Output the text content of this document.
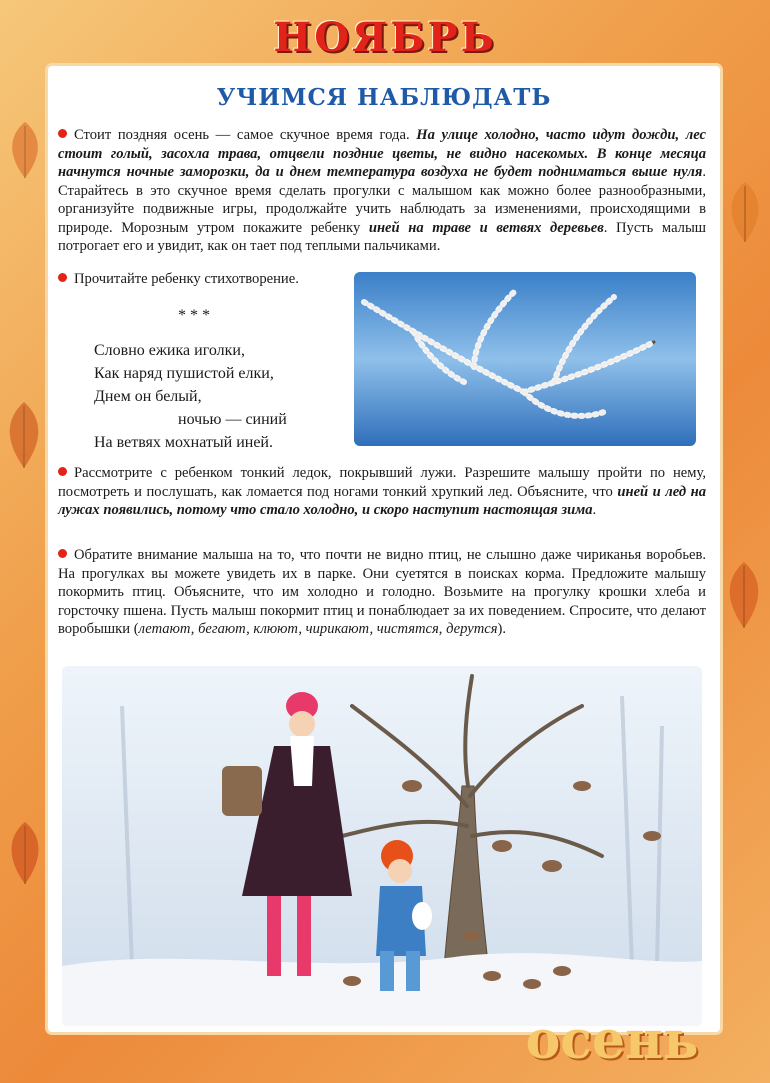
НОЯБРЬ
УЧИМСЯ НАБЛЮДАТЬ
Стоит поздняя осень — самое скучное время года. На улице холодно, часто идут дожди, лес стоит голый, засохла трава, отцвели поздние цветы, не видно насекомых. В конце месяца начнутся ночные заморозки, да и днем температура воздуха не будет подниматься выше нуля. Старайтесь в это скучное время сделать прогулки с малышом как можно более разнообразными, организуйте подвижные игры, продолжайте учить наблюдать за изменениями, происходящими в природе. Морозным утром покажите ребенку иней на траве и ветвях деревьев. Пусть малыш потрогает его и увидит, как он тает под теплыми пальчиками.
Прочитайте ребенку стихотворение.
* * *
Словно ежика иголки,
Как наряд пушистой елки,
Днем он белый,
ночью — синий
На ветвях мохнатый иней.
Рассмотрите с ребенком тонкий ледок, покрывший лужи. Разрешите малышу пройти по нему, посмотреть и послушать, как ломается под ногами тонкий хрупкий лед. Объясните, что иней и лед на лужах появились, потому что стало холодно, и скоро наступит настоящая зима.
Обратите внимание малыша на то, что почти не видно птиц, не слышно даже чириканья воробьев. На прогулках вы можете увидеть их в парке. Они суетятся в поисках корма. Предложите малышу покормить птиц. Объясните, что им холодно и голодно. Возьмите на прогулку крошки хлеба и горсточку пшена. Пусть малыш покормит птиц и понаблюдает за их поведением. Спросите, что делают воробышки (летают, бегают, клюют, чирикают, чистятся, дерутся).
осень
